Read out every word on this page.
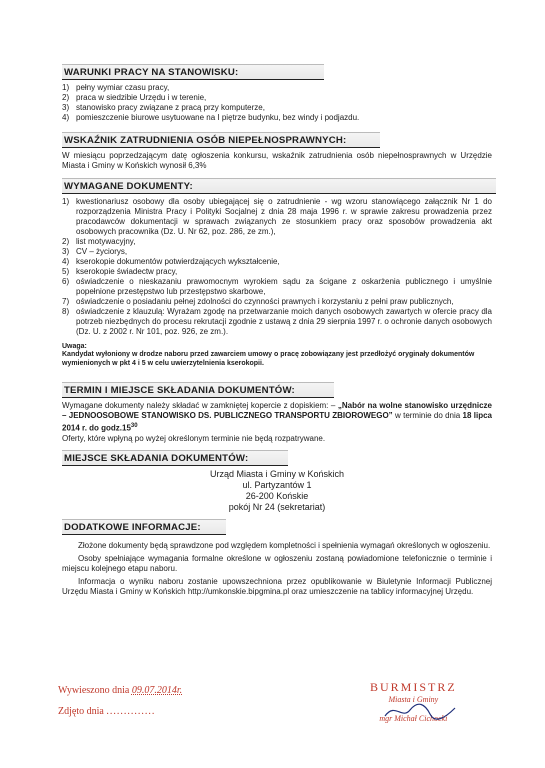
WARUNKI PRACY NA STANOWISKU:
1) pełny wymiar czasu pracy,
2) praca w siedzibie Urzędu i w terenie,
3) stanowisko pracy związane z pracą przy komputerze,
4) pomieszczenie biurowe usytuowane na I piętrze budynku, bez windy i podjazdu.
WSKAŹNIK ZATRUDNIENIA OSÓB NIEPEŁNOSPRAWNYCH:

W miesiącu poprzedzającym datę ogłoszenia konkursu, wskaźnik zatrudnienia osób niepełnosprawnych w Urzędzie Miasta i Gminy w Końskich wynosił 6,3%

WYMAGANE DOKUMENTY:
1) kwestionariusz osobowy dla osoby ubiegającej się o zatrudnienie - wg wzoru stanowiącego załącznik Nr 1 do rozporządzenia Ministra Pracy i Polityki Socjalnej z dnia 28 maja 1996 r. w sprawie zakresu prowadzenia przez pracodawców dokumentacji w sprawach związanych ze stosunkiem pracy oraz sposobów prowadzenia akt osobowych pracownika (Dz. U. Nr 62, poz. 286, ze zm.),
2) list motywacyjny,
3) CV – życiorys,
4) kserokopie dokumentów potwierdzających wykształcenie,
5) kserokopie świadectw pracy,
6) oświadczenie o nieskazaniu prawomocnym wyrokiem sądu za ścigane z oskarżenia publicznego i umyślnie popełnione przestępstwo lub przestępstwo skarbowe,
7) oświadczenie o posiadaniu pełnej zdolności do czynności prawnych i korzystaniu z pełni praw publicznych,
8) oświadczenie z klauzulą: Wyrażam zgodę na przetwarzanie moich danych osobowych zawartych w ofercie pracy dla potrzeb niezbędnych do procesu rekrutacji zgodnie z ustawą z dnia 29 sierpnia 1997 r. o ochronie danych osobowych (Dz. U. z 2002 r. Nr 101, poz. 926, ze zm.).
Uwaga:
Kandydat wyłoniony w drodze naboru przed zawarciem umowy o pracę zobowiązany jest przedłożyć oryginały dokumentów wymienionych w pkt 4 i 5 w celu uwierzytelnienia kserokopii.
TERMIN I MIEJSCE SKŁADANIA DOKUMENTÓW:

Wymagane dokumenty należy składać w zamkniętej kopercie z dopiskiem: – „Nabór na wolne stanowisko urzędnicze – JEDNOOSOBOWE STANOWISKO DS. PUBLICZNEGO TRANSPORTU ZBIOROWEGO” w terminie do dnia 18 lipca 2014 r. do $godz.15^{30}$
Oferty, które wpłyną po wyżej określonym terminie nie będą rozpatrywane.

MIEJSCE SKŁADANIA DOKUMENTÓW:
Urząd Miasta i Gminy w Końskich
ul. Partyzantów 1
26-200 Końskie
pokój Nr 24 (sekretariat)
DODATKOWE INFORMACJE:

Złożone dokumenty będą sprawdzone pod względem kompletności i spełnienia wymagań określonych w ogłoszeniu.

Osoby spełniające wymagania formalne określone w ogłoszeniu zostaną powiadomione telefonicznie o terminie i miejscu kolejnego etapu naboru.

Informacja o wyniku naboru zostanie upowszechniona przez opublikowanie w Biuletynie Informacji Publicznej Urzędu Miasta i Gminy w Końskich http://umkonskie.bipgmina.pl oraz umieszczenie na tablicy informacyjnej Urzędu.

Wywieszono dnia 09.07.2014r.
Zdjęto dnia ..............
BURMISTRZ
Miasta i Gminy
mgr Michał Cichocki
